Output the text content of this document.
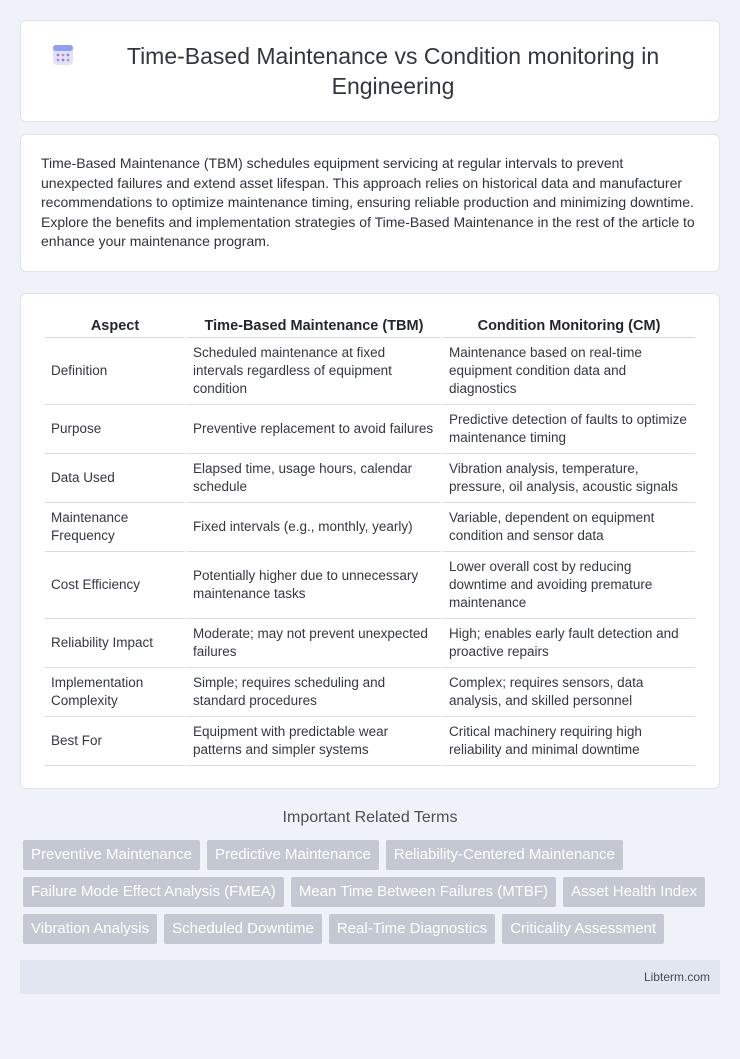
Time-Based Maintenance vs Condition monitoring in Engineering

Time-Based Maintenance (TBM) schedules equipment servicing at regular intervals to prevent unexpected failures and extend asset lifespan. This approach relies on historical data and manufacturer recommendations to optimize maintenance timing, ensuring reliable production and minimizing downtime. Explore the benefits and implementation strategies of Time-Based Maintenance in the rest of the article to enhance your maintenance program.

Aspect	Time-Based Maintenance (TBM)	Condition Monitoring (CM)
Definition	Scheduled maintenance at fixed intervals regardless of equipment condition	Maintenance based on real-time equipment condition data and diagnostics
Purpose	Preventive replacement to avoid failures	Predictive detection of faults to optimize maintenance timing
Data Used	Elapsed time, usage hours, calendar schedule	Vibration analysis, temperature, pressure, oil analysis, acoustic signals
Maintenance Frequency	Fixed intervals (e.g., monthly, yearly)	Variable, dependent on equipment condition and sensor data
Cost Efficiency	Potentially higher due to unnecessary maintenance tasks	Lower overall cost by reducing downtime and avoiding premature maintenance
Reliability Impact	Moderate; may not prevent unexpected failures	High; enables early fault detection and proactive repairs
Implementation Complexity	Simple; requires scheduling and standard procedures	Complex; requires sensors, data analysis, and skilled personnel
Best For	Equipment with predictable wear patterns and simpler systems	Critical machinery requiring high reliability and minimal downtime
Important Related Terms
Preventive Maintenance	Predictive Maintenance	Reliability-Centered Maintenance
Failure Mode Effect Analysis (FMEA)	Mean Time Between Failures (MTBF)	Asset Health Index
Vibration Analysis	Scheduled Downtime	Real-Time Diagnostics	Criticality Assessment
Libterm.com
